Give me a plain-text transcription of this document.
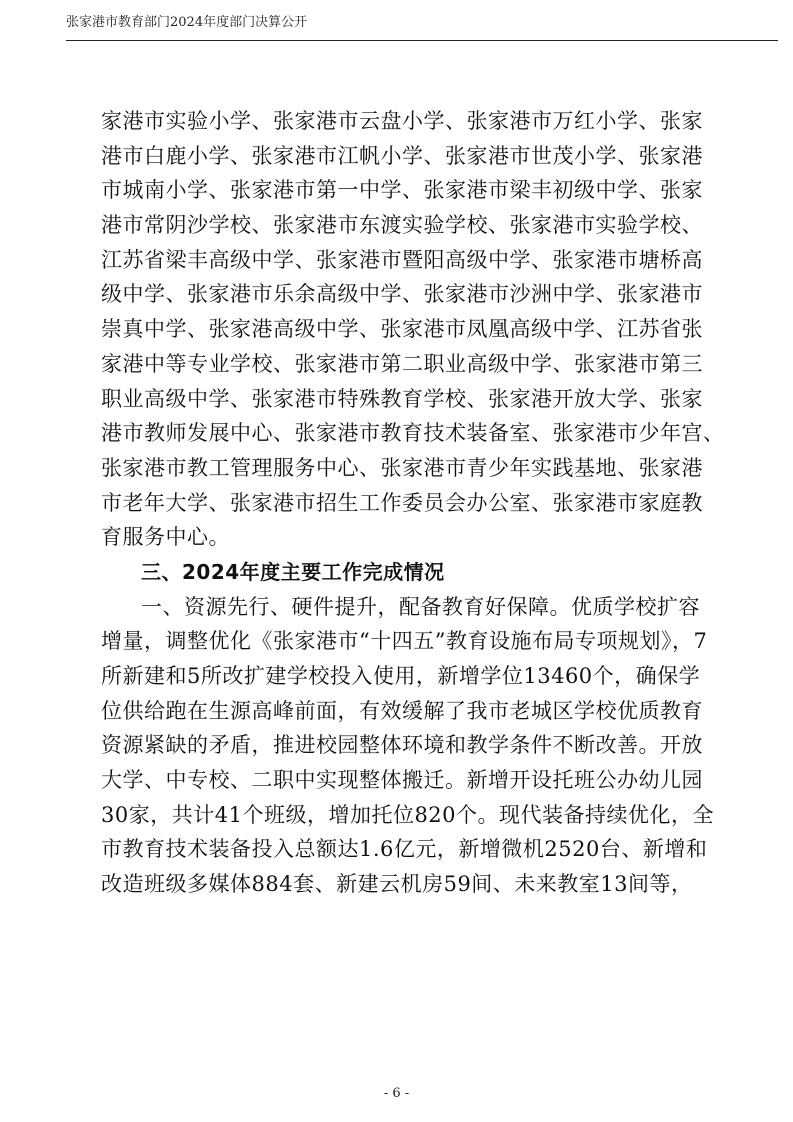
张家港市教育部门2024年度部门决算公开
家港市实验小学、张家港市云盘小学、张家港市万红小学、张家
港市白鹿小学、张家港市江帆小学、张家港市世茂小学、张家港
市城南小学、张家港市第一中学、张家港市梁丰初级中学、张家
港市常阴沙学校、张家港市东渡实验学校、张家港市实验学校、
江苏省梁丰高级中学、张家港市暨阳高级中学、张家港市塘桥高
级中学、张家港市乐余高级中学、张家港市沙洲中学、张家港市
崇真中学、张家港高级中学、张家港市凤凰高级中学、江苏省张
家港中等专业学校、张家港市第二职业高级中学、张家港市第三
职业高级中学、张家港市特殊教育学校、张家港开放大学、张家
港市教师发展中心、张家港市教育技术装备室、张家港市少年宫、
张家港市教工管理服务中心、张家港市青少年实践基地、张家港
市老年大学、张家港市招生工作委员会办公室、张家港市家庭教
育服务中心。
三、2024年度主要工作完成情况
一、资源先行、硬件提升，配备教育好保障。优质学校扩容
增量，调整优化《张家港市“十四五”教育设施布局专项规划》，7
所新建和5所改扩建学校投入使用，新增学位13460个，确保学
位供给跑在生源高峰前面，有效缓解了我市老城区学校优质教育
资源紧缺的矛盾，推进校园整体环境和教学条件不断改善。开放
大学、中专校、二职中实现整体搬迁。新增开设托班公办幼儿园
30家，共计41个班级，增加托位820个。现代装备持续优化，全
市教育技术装备投入总额达1.6亿元，新增微机2520台、新增和
改造班级多媒体884套、新建云机房59间、未来教室13间等，
- 6 -
